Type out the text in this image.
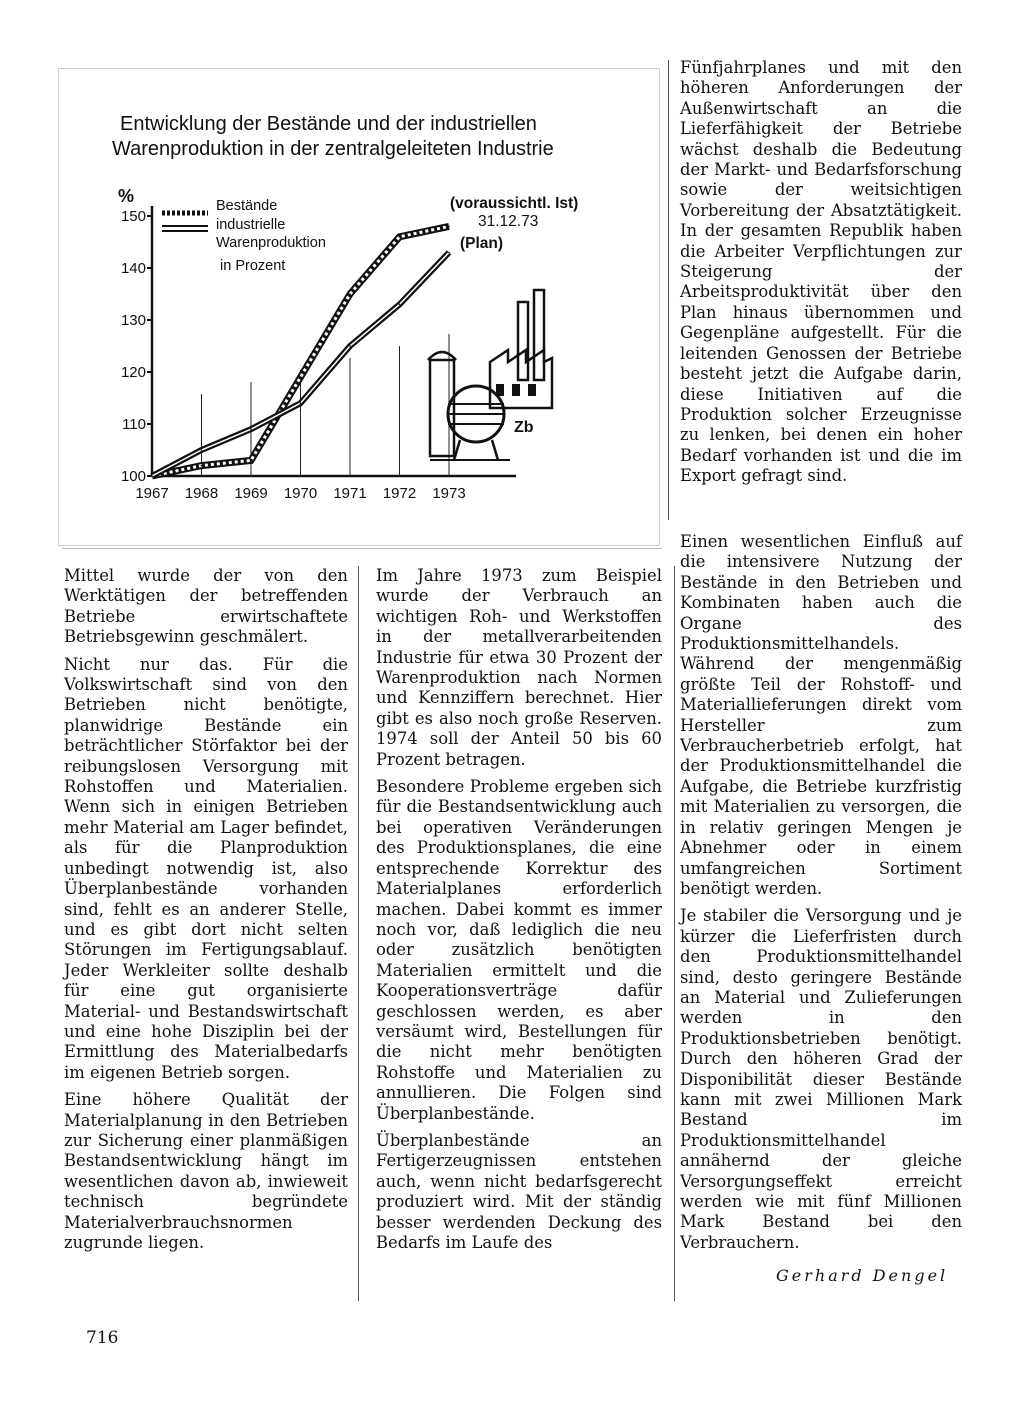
Entwicklung der Bestände und der industriellen
Warenproduktion in der zentralgeleiteten Industrie
100
110
120
130
140
150
%
1967 1968 1969 1970 1971 1972 1973
Bestände
industrielle
Warenproduktion
in Prozent
(voraussichtl. Ist)
31.12.73
(Plan)
Zb

Mittel wurde der von den Werktätigen der betreffenden Betriebe erwirtschaftete Betriebsgewinn geschmälert.

Nicht nur das. Für die Volkswirtschaft sind von den Betrieben nicht benötigte, planwidrige Bestände ein beträchtlicher Störfaktor bei der reibungslosen Versorgung mit Rohstoffen und Materialien. Wenn sich in einigen Betrieben mehr Material am Lager befindet, als für die Planproduktion unbedingt notwendig ist, also Überplanbestände vorhanden sind, fehlt es an anderer Stelle, und es gibt dort nicht selten Störungen im Fertigungsablauf. Jeder Werkleiter sollte deshalb für eine gut organisierte Material- und Bestandswirtschaft und eine hohe Disziplin bei der Ermittlung des Materialbedarfs im eigenen Betrieb sorgen.

Eine höhere Qualität der Materialplanung in den Betrieben zur Sicherung einer planmäßigen Bestandsentwicklung hängt im wesentlichen davon ab, inwieweit technisch begründete Materialverbrauchsnormen zugrunde liegen.

Im Jahre 1973 zum Beispiel wurde der Verbrauch an wichtigen Roh- und Werkstoffen in der metallverarbeitenden Industrie für etwa 30 Prozent der Warenproduktion nach Normen und Kennziffern berechnet. Hier gibt es also noch große Reserven. 1974 soll der Anteil 50 bis 60 Prozent betragen.

Besondere Probleme ergeben sich für die Bestandsentwicklung auch bei operativen Veränderungen des Produktionsplanes, die eine entsprechende Korrektur des Materialplanes erforderlich machen. Dabei kommt es immer noch vor, daß lediglich die neu oder zusätzlich benötigten Materialien ermittelt und die Kooperationsverträge dafür geschlossen werden, es aber versäumt wird, Bestellungen für die nicht mehr benötigten Rohstoffe und Materialien zu annullieren. Die Folgen sind Überplanbestände.

Überplanbestände an Fertigerzeugnissen entstehen auch, wenn nicht bedarfsgerecht produziert wird. Mit der ständig besser werdenden Deckung des Bedarfs im Laufe des

Fünfjahrplanes und mit den höheren Anforderungen der Außenwirtschaft an die Lieferfähigkeit der Betriebe wächst deshalb die Bedeutung der Markt- und Bedarfsforschung sowie der weitsichtigen Vorbereitung der Absatztätigkeit. In der gesamten Republik haben die Arbeiter Verpflichtungen zur Steigerung der Arbeitsproduktivität über den Plan hinaus übernommen und Gegenpläne aufgestellt. Für die leitenden Genossen der Betriebe besteht jetzt die Aufgabe darin, diese Initiativen auf die Produktion solcher Erzeugnisse zu lenken, bei denen ein hoher Bedarf vorhanden ist und die im Export gefragt sind.

Einen wesentlichen Einfluß auf die intensivere Nutzung der Bestände in den Betrieben und Kombinaten haben auch die Organe des Produktionsmittelhandels. Während der mengenmäßig größte Teil der Rohstoff- und Materiallieferungen direkt vom Hersteller zum Verbraucherbetrieb erfolgt, hat der Produktionsmittelhandel die Aufgabe, die Betriebe kurzfristig mit Materialien zu versorgen, die in relativ geringen Mengen je Abnehmer oder in einem umfangreichen Sortiment benötigt werden.

Je stabiler die Versorgung und je kürzer die Lieferfristen durch den Produktionsmittelhandel sind, desto geringere Bestände an Material und Zulieferungen werden in den Produktionsbetrieben benötigt. Durch den höheren Grad der Disponibilität dieser Bestände kann mit zwei Millionen Mark Bestand im Produktionsmittelhandel annähernd der gleiche Versorgungseffekt erreicht werden wie mit fünf Millionen Mark Bestand bei den Verbrauchern.

Gerhard Dengel
716
